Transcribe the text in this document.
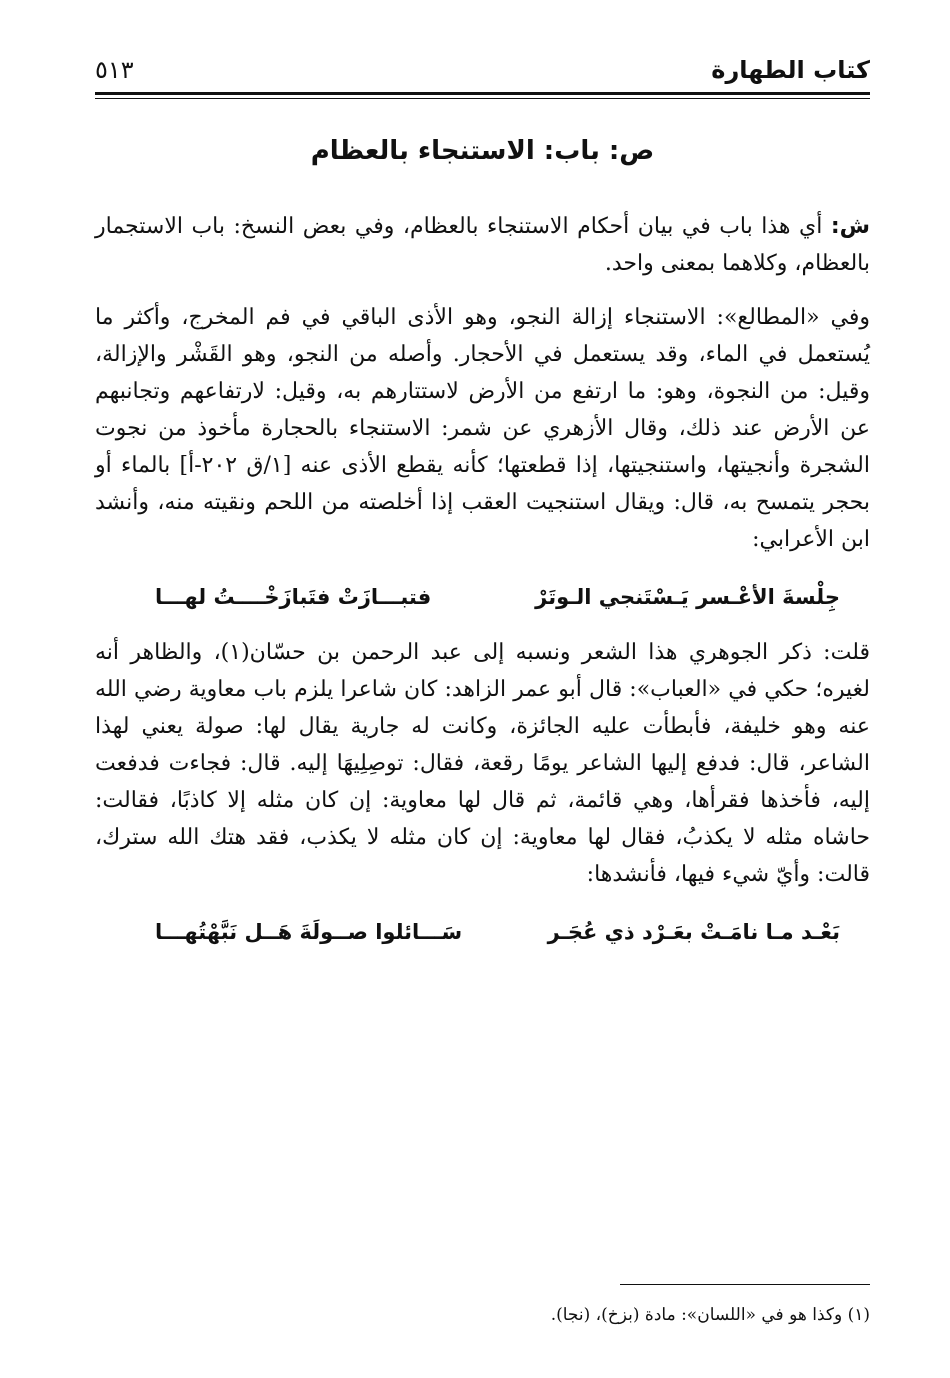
كتاب الطهارة
٥١٣
ص: باب: الاستنجاء بالعظام

ش: أي هذا باب في بيان أحكام الاستنجاء بالعظام، وفي بعض النسخ: باب الاستجمار بالعظام، وكلاهما بمعنى واحد.

وفي «المطالع»: الاستنجاء إزالة النجو، وهو الأذى الباقي في فم المخرج، وأكثر ما يُستعمل في الماء، وقد يستعمل في الأحجار. وأصله من النجو، وهو القَشْر والإزالة، وقيل: من النجوة، وهو: ما ارتفع من الأرض لاستتارهم به، وقيل: لارتفاعهم وتجانبهم عن الأرض عند ذلك، وقال الأزهري عن شمر: الاستنجاء بالحجارة مأخوذ من نجوت الشجرة وأنجيتها، واستنجيتها، إذا قطعتها؛ كأنه يقطع الأذى عنه [١/ق ٢٠٢-أ] بالماء أو بحجر يتمسح به، قال: ويقال استنجيت العقب إذا أخلصته من اللحم ونقيته منه، وأنشد ابن الأعرابي:

فتبـــازَتْ فتَبازَخْــــتُ لهـــا	جِلْسةَ الأعْـسر يَـسْتَنجي الـوتَرْ

قلت: ذكر الجوهري هذا الشعر ونسبه إلى عبد الرحمن بن حسّان(١)، والظاهر أنه لغيره؛ حكي في «العباب»: قال أبو عمر الزاهد: كان شاعرا يلزم باب معاوية رضي الله عنه وهو خليفة، فأبطأت عليه الجائزة، وكانت له جارية يقال لها: صولة يعني لهذا الشاعر، قال: فدفع إليها الشاعر يومًا رقعة، فقال: توصِلِيهَا إليه. قال: فجاءت فدفعت إليه، فأخذها فقرأها، وهي قائمة، ثم قال لها معاوية: إن كان مثله إلا كاذبًا، فقالت: حاشاه مثله لا يكذبُ، فقال لها معاوية: إن كان مثله لا يكذب، فقد هتك الله سترك، قالت: وأيّ شيء فيها، فأنشدها:

سَـــائلوا صــولَةَ هَــل نَبَّهْتُهـــا	بَعْـد مـا نامَـتْ بعَـرْد ذي عُجَـر
(١) وكذا هو في «اللسان»: مادة (بزخ)، (نجا).
